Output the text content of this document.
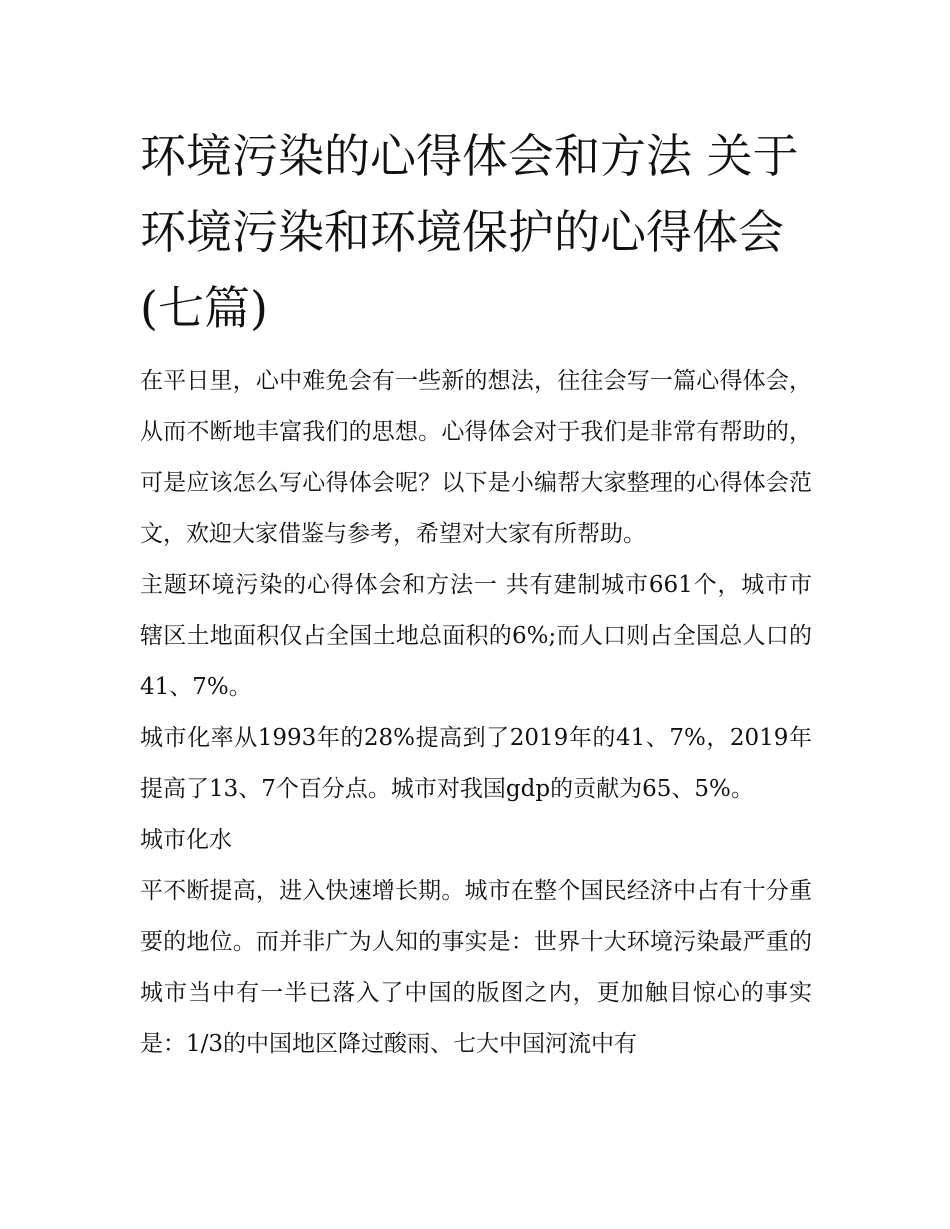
环境污染的心得体会和方法 关于环境污染和环境保护的心得体会(七篇)

在平日里，心中难免会有一些新的想法，往往会写一篇心得体会，从而不断地丰富我们的思想。心得体会对于我们是非常有帮助的，可是应该怎么写心得体会呢？以下是小编帮大家整理的心得体会范文，欢迎大家借鉴与参考，希望对大家有所帮助。

主题环境污染的心得体会和方法一 共有建制城市661个，城市市辖区土地面积仅占全国土地总面积的6%;而人口则占全国总人口的41、7%。

城市化率从1993年的28%提高到了2019年的41、7%，2019年提高了13、7个百分点。城市对我国gdp的贡献为65、5%。

城市化水

平不断提高，进入快速增长期。城市在整个国民经济中占有十分重要的地位。而并非广为人知的事实是：世界十大环境污染最严重的城市当中有一半已落入了中国的版图之内，更加触目惊心的事实是：1/3的中国地区降过酸雨、七大中国河流中有
